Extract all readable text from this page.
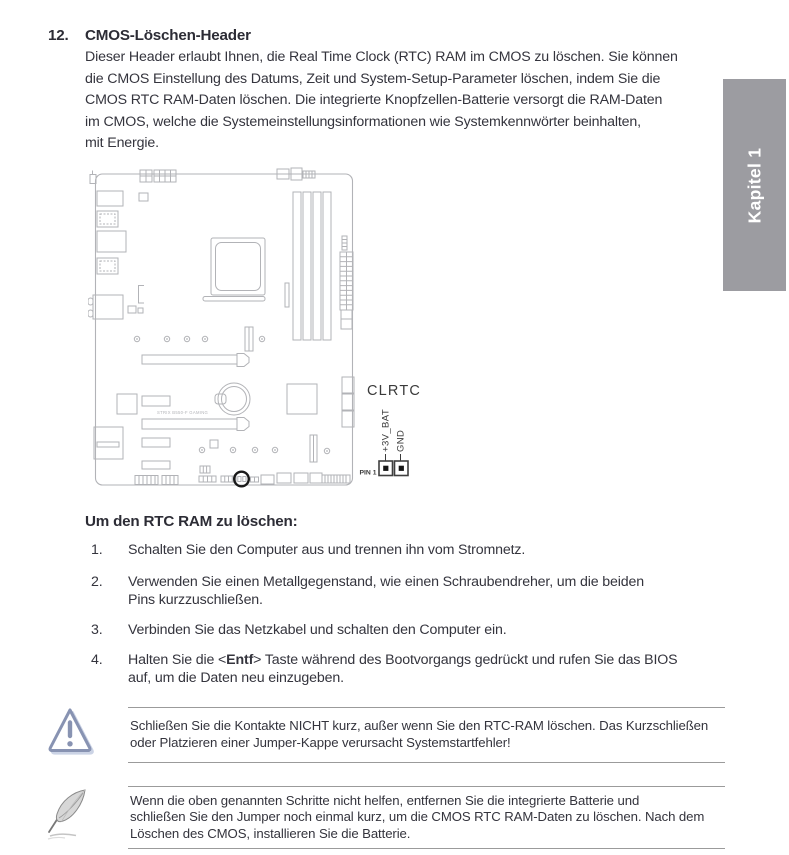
Kapitel 1
12. CMOS-Löschen-Header
Dieser Header erlaubt Ihnen, die Real Time Clock (RTC) RAM im CMOS zu löschen. Sie können
die CMOS Einstellung des Datums, Zeit und System-Setup-Parameter löschen, indem Sie die
CMOS RTC RAM-Daten löschen. Die integrierte Knopfzellen-Batterie versorgt die RAM-Daten
im CMOS, welche die Systemeinstellungsinformationen wie Systemkennwörter beinhalten,
mit Energie.
STRIX B550-F GAMING
CLRTC
+3V_BAT GND
PIN 1
Um den RTC RAM zu löschen:
1. Schalten Sie den Computer aus und trennen ihn vom Stromnetz.
2. Verwenden Sie einen Metallgegenstand, wie einen Schraubendreher, um die beiden
Pins kurzzuschließen.
3. Verbinden Sie das Netzkabel und schalten den Computer ein.
4. Halten Sie die <Entf> Taste während des Bootvorgangs gedrückt und rufen Sie das BIOS
auf, um die Daten neu einzugeben.
Schließen Sie die Kontakte NICHT kurz, außer wenn Sie den RTC-RAM löschen. Das Kurzschließen
oder Platzieren einer Jumper-Kappe verursacht Systemstartfehler!
Wenn die oben genannten Schritte nicht helfen, entfernen Sie die integrierte Batterie und
schließen Sie den Jumper noch einmal kurz, um die CMOS RTC RAM-Daten zu löschen. Nach dem
Löschen des CMOS, installieren Sie die Batterie.
